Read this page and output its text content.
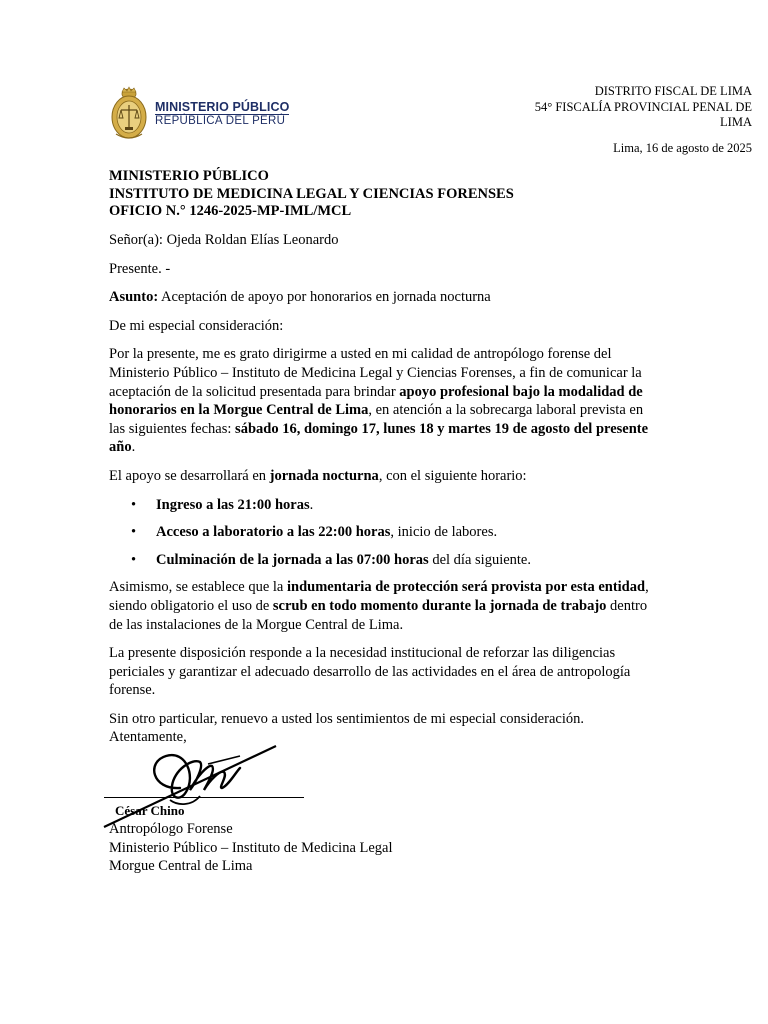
MINISTERIO PÚBLICO
REPÚBLICA DEL PERÚ
DISTRITO FISCAL DE LIMA
54° FISCALÍA PROVINCIAL PENAL DE
LIMA
Lima, 16 de agosto de 2025
MINISTERIO PÚBLICO
INSTITUTO DE MEDICINA LEGAL Y CIENCIAS FORENSES
OFICIO N.° 1246-2025-MP-IML/MCL

Señor(a): Ojeda Roldan Elías Leonardo

Presente. -

Asunto: Aceptación de apoyo por honorarios en jornada nocturna

De mi especial consideración:

Por la presente, me es grato dirigirme a usted en mi calidad de antropólogo forense del Ministerio Público – Instituto de Medicina Legal y Ciencias Forenses, a fin de comunicar la aceptación de la solicitud presentada para brindar apoyo profesional bajo la modalidad de honorarios en la Morgue Central de Lima, en atención a la sobrecarga laboral prevista en las siguientes fechas: sábado 16, domingo 17, lunes 18 y martes 19 de agosto del presente año.

El apoyo se desarrollará en jornada nocturna, con el siguiente horario:

• Ingreso a las 21:00 horas.
• Acceso a laboratorio a las 22:00 horas, inicio de labores.
• Culminación de la jornada a las 07:00 horas del día siguiente.

Asimismo, se establece que la indumentaria de protección será provista por esta entidad, siendo obligatorio el uso de scrub en todo momento durante la jornada de trabajo dentro de las instalaciones de la Morgue Central de Lima.

La presente disposición responde a la necesidad institucional de reforzar las diligencias periciales y garantizar el adecuado desarrollo de las actividades en el área de antropología forense.

Sin otro particular, renuevo a usted los sentimientos de mi especial consideración.

Atentamente,
César Chino
Antropólogo Forense
Ministerio Público – Instituto de Medicina Legal
Morgue Central de Lima
